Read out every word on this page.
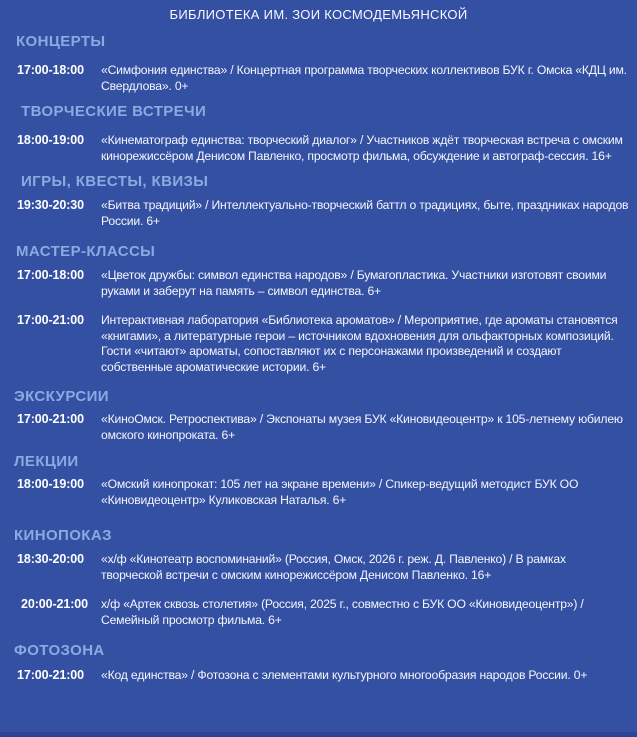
БИБЛИОТЕКА ИМ. ЗОИ КОСМОДЕМЬЯНСКОЙ
КОНЦЕРТЫ
17:00-18:00	«Симфония единства» / Концертная программа творческих коллективов БУК г. Омска «КДЦ им. Свердлова». 0+
ТВОРЧЕСКИЕ ВСТРЕЧИ
18:00-19:00	«Кинематограф единства: творческий диалог» / Участников ждёт творческая встреча с омским кинорежиссёром Денисом Павленко, просмотр фильма, обсуждение и автограф-сессия. 16+
ИГРЫ, КВЕСТЫ, КВИЗЫ
19:30-20:30	«Битва традиций» / Интеллектуально-творческий баттл о традициях, быте, праздниках народов России. 6+
МАСТЕР-КЛАССЫ
17:00-18:00	«Цветок дружбы: символ единства народов» / Бумагопластика. Участники изготовят своими руками и заберут на память – символ единства. 6+
17:00-21:00	Интерактивная лаборатория «Библиотека ароматов» / Мероприятие, где ароматы становятся «книгами», а литературные герои – источником вдохновения для ольфакторных композиций. Гости «читают» ароматы, сопоставляют их с персонажами произведений и создают собственные ароматические истории. 6+
ЭКСКУРСИИ
17:00-21:00	«КиноОмск. Ретроспектива» / Экспонаты музея БУК «Киновидеоцентр» к 105-летнему юбилею омского кинопроката. 6+
ЛЕКЦИИ
18:00-19:00	«Омский кинопрокат: 105 лет на экране времени» / Спикер-ведущий методист БУК ОО «Киновидеоцентр» Куликовская Наталья. 6+
КИНОПОКАЗ
18:30-20:00	«х/ф «Кинотеатр воспоминаний» (Россия, Омск, 2026 г. реж. Д. Павленко) / В рамках творческой встречи с омским кинорежиссёром Денисом Павленко. 16+
20:00-21:00	х/ф «Артек сквозь столетия» (Россия, 2025 г., совместно с БУК ОО «Киновидеоцентр») / Семейный просмотр фильма. 6+
ФОТОЗОНА
17:00-21:00	«Код единства» / Фотозона с элементами культурного многообразия народов России. 0+
